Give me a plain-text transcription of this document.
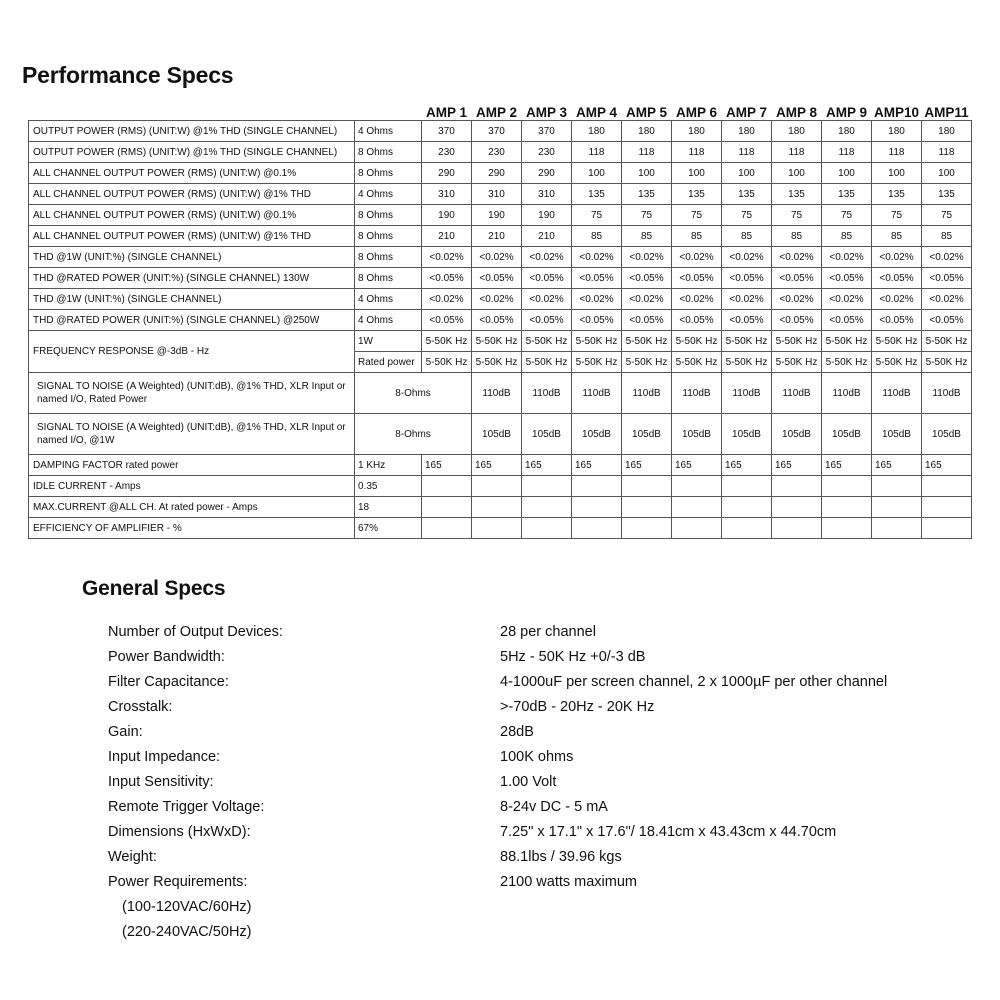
Performance Specs
		AMP 1	AMP 2	AMP 3	AMP 4	AMP 5	AMP 6	AMP 7	AMP 8	AMP 9	AMP10	AMP11
OUTPUT POWER (RMS) (UNIT:W) @1% THD (SINGLE CHANNEL)	4 Ohms	370	370	370	180	180	180	180	180	180	180	180
OUTPUT POWER (RMS) (UNIT:W) @1% THD (SINGLE CHANNEL)	8 Ohms	230	230	230	118	118	118	118	118	118	118	118
ALL CHANNEL OUTPUT POWER (RMS) (UNIT:W) @0.1%	8 Ohms	290	290	290	100	100	100	100	100	100	100	100
ALL CHANNEL OUTPUT POWER (RMS) (UNIT:W) @1% THD	4 Ohms	310	310	310	135	135	135	135	135	135	135	135
ALL CHANNEL OUTPUT POWER (RMS) (UNIT:W) @0.1%	8 Ohms	190	190	190	75	75	75	75	75	75	75	75
ALL CHANNEL OUTPUT POWER (RMS) (UNIT:W) @1% THD	8 Ohms	210	210	210	85	85	85	85	85	85	85	85
THD @1W (UNIT:%) (SINGLE CHANNEL)	8 Ohms	<0.02%	<0.02%	<0.02%	<0.02%	<0.02%	<0.02%	<0.02%	<0.02%	<0.02%	<0.02%	<0.02%
THD @RATED POWER (UNIT:%) (SINGLE CHANNEL) 130W	8 Ohms	<0.05%	<0.05%	<0.05%	<0.05%	<0.05%	<0.05%	<0.05%	<0.05%	<0.05%	<0.05%	<0.05%
THD @1W (UNIT:%) (SINGLE CHANNEL)	4 Ohms	<0.02%	<0.02%	<0.02%	<0.02%	<0.02%	<0.02%	<0.02%	<0.02%	<0.02%	<0.02%	<0.02%
THD @RATED POWER (UNIT:%) (SINGLE CHANNEL) @250W	4 Ohms	<0.05%	<0.05%	<0.05%	<0.05%	<0.05%	<0.05%	<0.05%	<0.05%	<0.05%	<0.05%	<0.05%
FREQUENCY RESPONSE @-3dB - Hz	1W	5-50K Hz	5-50K Hz	5-50K Hz	5-50K Hz	5-50K Hz	5-50K Hz	5-50K Hz	5-50K Hz	5-50K Hz	5-50K Hz	5-50K Hz
	Rated power	5-50K Hz	5-50K Hz	5-50K Hz	5-50K Hz	5-50K Hz	5-50K Hz	5-50K Hz	5-50K Hz	5-50K Hz	5-50K Hz	5-50K Hz
SIGNAL TO NOISE (A Weighted) (UNIT:dB), @1% THD, XLR Input or named I/O, Rated Power	8-Ohms		110dB	110dB	110dB	110dB	110dB	110dB	110dB	110dB	110dB	110dB
SIGNAL TO NOISE (A Weighted) (UNIT:dB), @1% THD, XLR Input or named I/O, @1W	8-Ohms		105dB	105dB	105dB	105dB	105dB	105dB	105dB	105dB	105dB	105dB
DAMPING FACTOR rated power	1 KHz	165	165	165	165	165	165	165	165	165	165	165
IDLE CURRENT - Amps	0.35											
MAX.CURRENT @ALL CH. At rated power - Amps	18											
EFFICIENCY OF AMPLIFIER - %	67%											
General Specs
Number of Output Devices:	28 per channel
Power Bandwidth:	5Hz - 50K Hz +0/-3 dB
Filter Capacitance:	4-1000uF per screen channel, 2 x 1000µF per other channel
Crosstalk:	>-70dB - 20Hz - 20K Hz
Gain:	28dB
Input Impedance:	100K ohms
Input Sensitivity:	1.00 Volt
Remote Trigger Voltage:	8-24v DC - 5 mA
Dimensions (HxWxD):	7.25" x 17.1" x 17.6"/ 18.41cm x 43.43cm x 44.70cm
Weight:	88.1lbs / 39.96 kgs
Power Requirements:	2100 watts maximum
(100-120VAC/60Hz)	
(220-240VAC/50Hz)	
